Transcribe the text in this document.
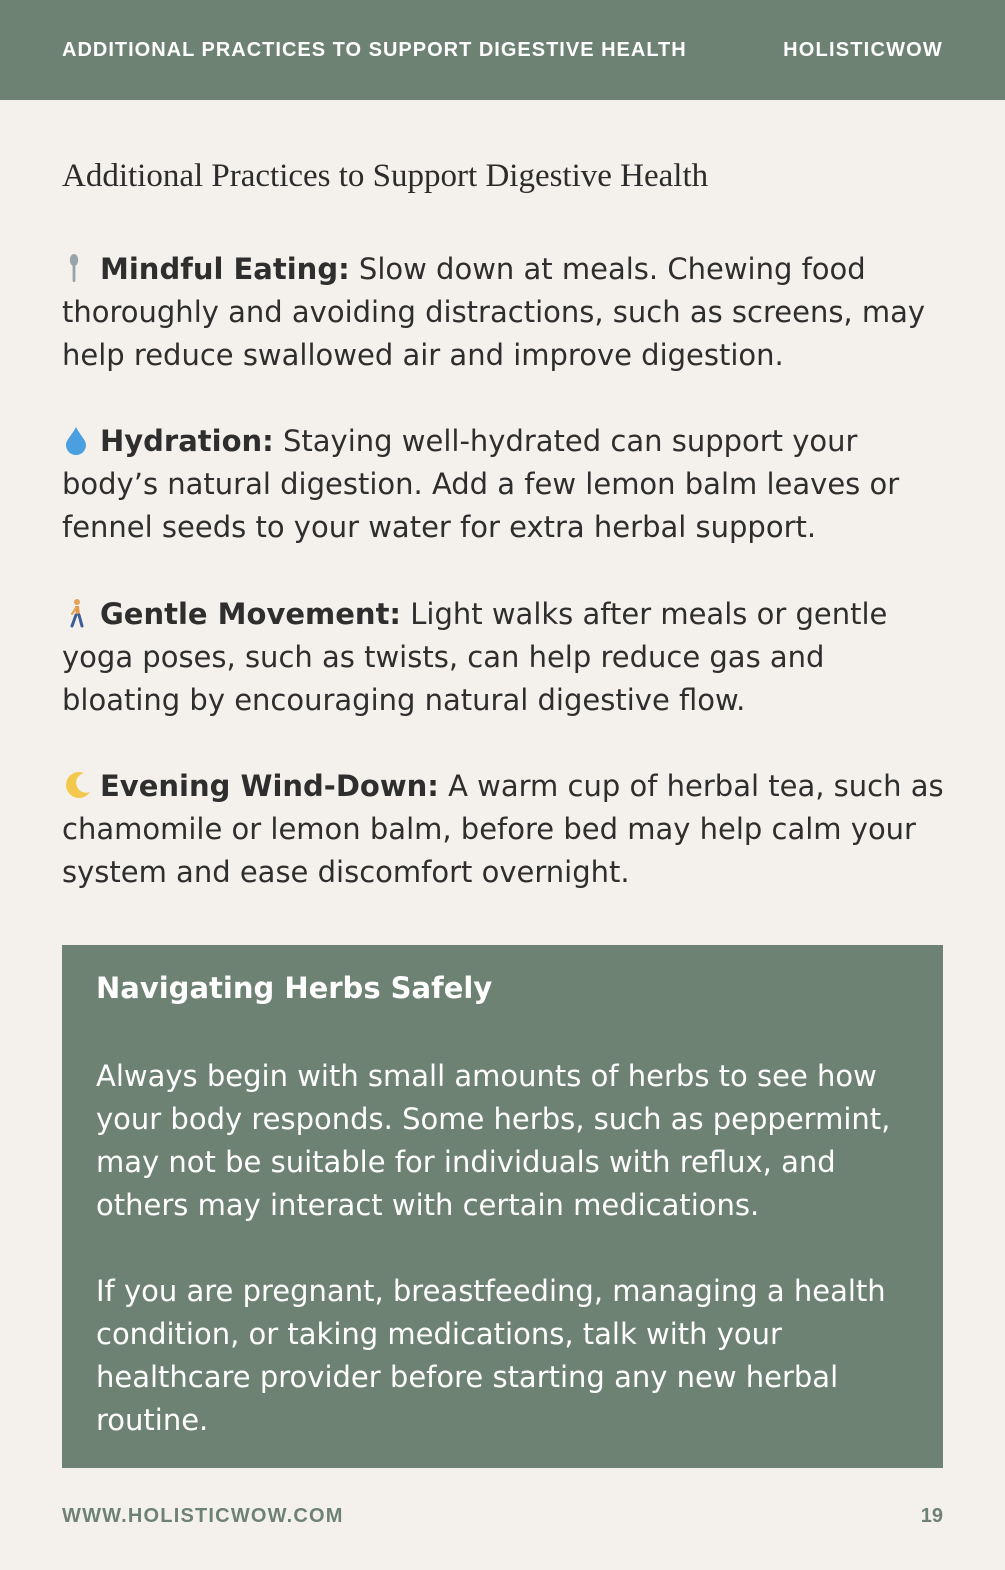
ADDITIONAL PRACTICES TO SUPPORT DIGESTIVE HEALTH	HOLISTICWOW
Additional Practices to Support Digestive Health
Mindful Eating: Slow down at meals. Chewing food thoroughly and avoiding distractions, such as screens, may help reduce swallowed air and improve digestion.
Hydration: Staying well-hydrated can support your body’s natural digestion. Add a few lemon balm leaves or fennel seeds to your water for extra herbal support.
Gentle Movement: Light walks after meals or gentle yoga poses, such as twists, can help reduce gas and bloating by encouraging natural digestive flow.
Evening Wind-Down: A warm cup of herbal tea, such as chamomile or lemon balm, before bed may help calm your system and ease discomfort overnight.
Navigating Herbs Safely
Always begin with small amounts of herbs to see how your body responds. Some herbs, such as peppermint, may not be suitable for individuals with reflux, and others may interact with certain medications.
If you are pregnant, breastfeeding, managing a health condition, or taking medications, talk with your healthcare provider before starting any new herbal routine.
WWW.HOLISTICWOW.COM	19
